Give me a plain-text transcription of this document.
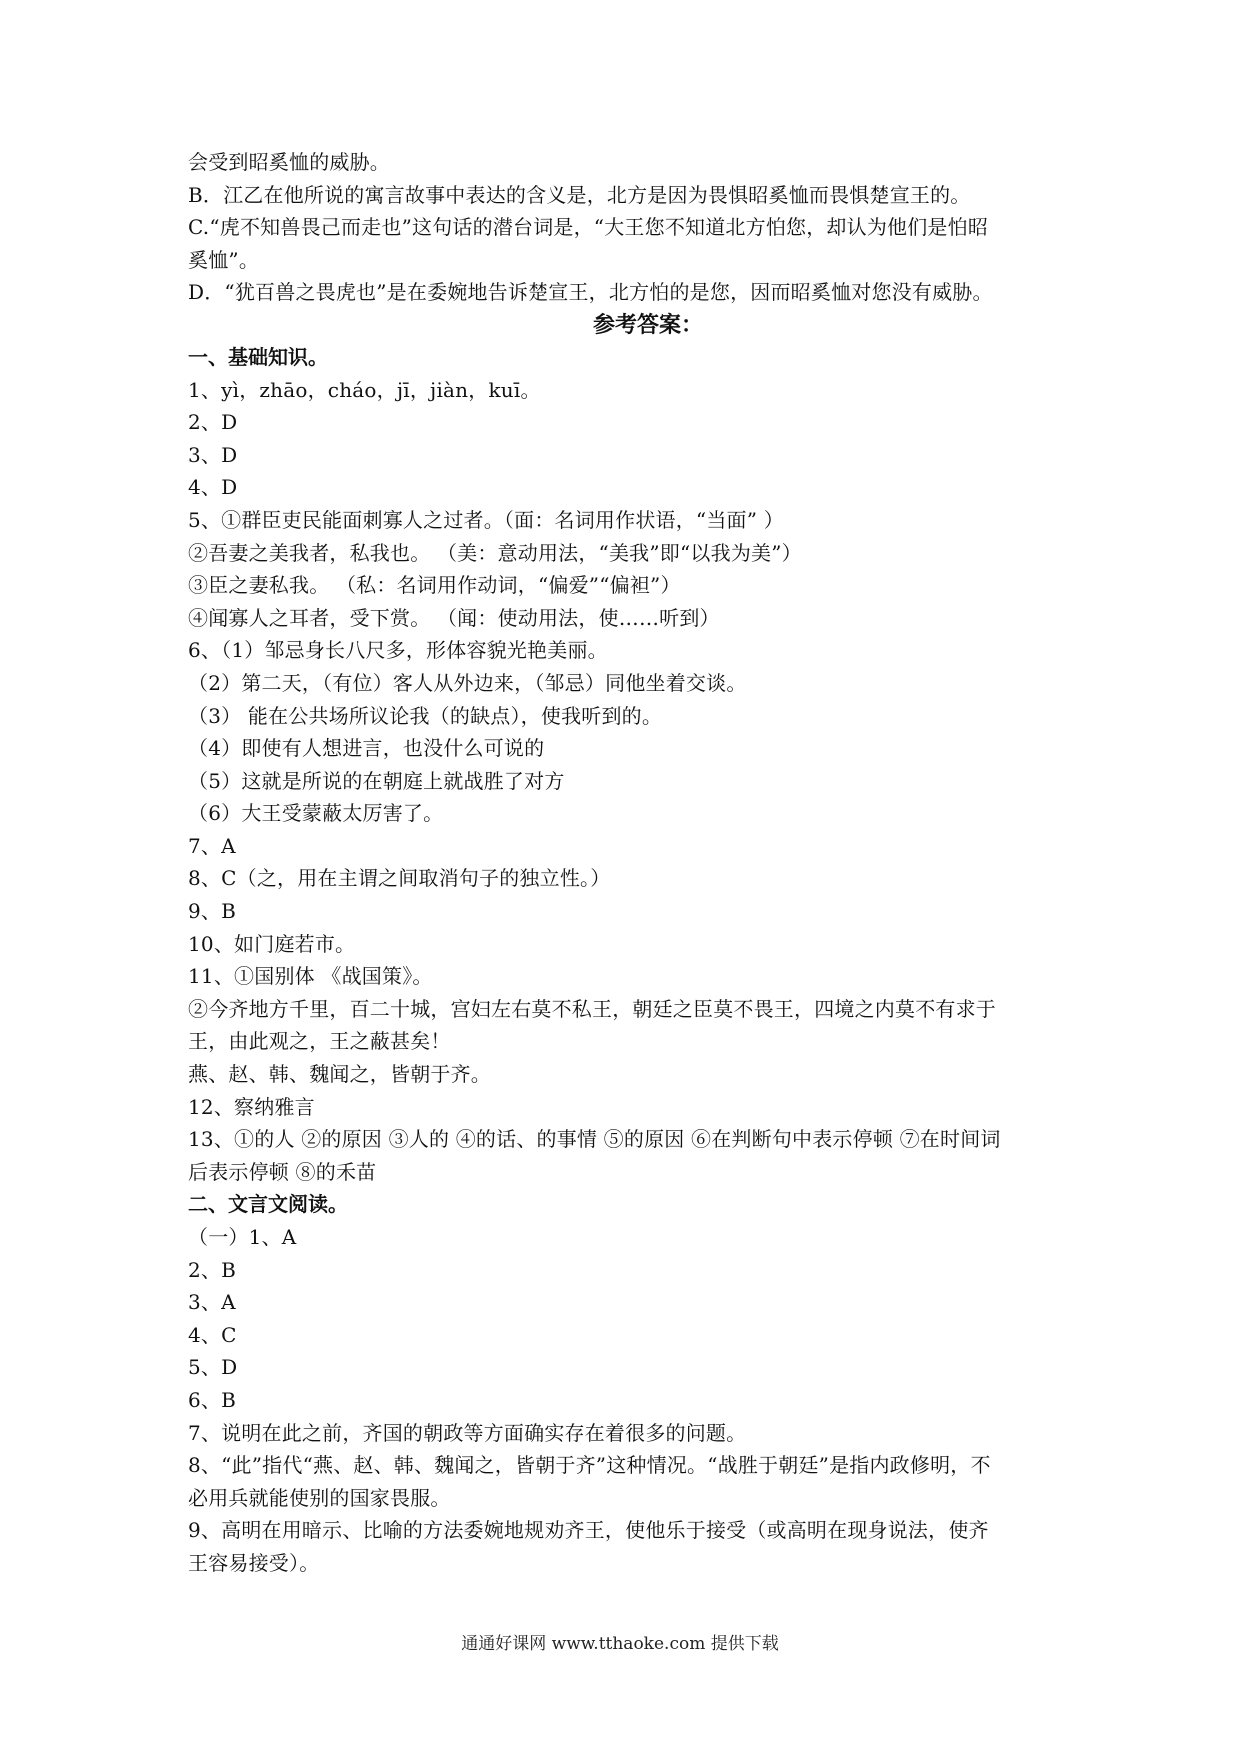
会受到昭奚恤的威胁。
B．江乙在他所说的寓言故事中表达的含义是，北方是因为畏惧昭奚恤而畏惧楚宣王的。
C.“虎不知兽畏己而走也”这句话的潜台词是，“大王您不知道北方怕您，却认为他们是怕昭
奚恤”。
D．“犹百兽之畏虎也”是在委婉地告诉楚宣王，北方怕的是您，因而昭奚恤对您没有威胁。
参考答案：
一、基础知识。
1、yì，zhāo，cháo，jī，jiàn，kuī。
2、D
3、D
4、D
5、①群臣吏民能面刺寡人之过者。（面：名词用作状语，“当面” ）
②吾妻之美我者，私我也。 （美：意动用法，“美我”即“以我为美”）
③臣之妻私我。 （私：名词用作动词，“偏爱”“偏袒”）
④闻寡人之耳者，受下赏。 （闻：使动用法，使……听到）
6、（1）邹忌身长八尺多，形体容貌光艳美丽。
（2）第二天，（有位）客人从外边来，（邹忌）同他坐着交谈。
（3） 能在公共场所议论我（的缺点），使我听到的。
（4）即使有人想进言，也没什么可说的
（5）这就是所说的在朝庭上就战胜了对方
（6）大王受蒙蔽太厉害了。
7、A
8、C（之，用在主谓之间取消句子的独立性。）
9、B
10、如门庭若市。
11、①国别体 《战国策》。
②今齐地方千里，百二十城，宫妇左右莫不私王，朝廷之臣莫不畏王，四境之内莫不有求于
王，由此观之，王之蔽甚矣！
燕、赵、韩、魏闻之，皆朝于齐。
12、察纳雅言
13、①的人 ②的原因 ③人的 ④的话、的事情 ⑤的原因 ⑥在判断句中表示停顿 ⑦在时间词
后表示停顿 ⑧的禾苗
二、文言文阅读。
（一）1、A
2、B
3、A
4、C
5、D
6、B
7、说明在此之前，齐国的朝政等方面确实存在着很多的问题。
8、“此”指代“燕、赵、韩、魏闻之，皆朝于齐”这种情况。“战胜于朝廷”是指内政修明，不
必用兵就能使别的国家畏服。
9、高明在用暗示、比喻的方法委婉地规劝齐王，使他乐于接受（或高明在现身说法，使齐
王容易接受）。
通通好课网 www.tthaoke.com 提供下载
